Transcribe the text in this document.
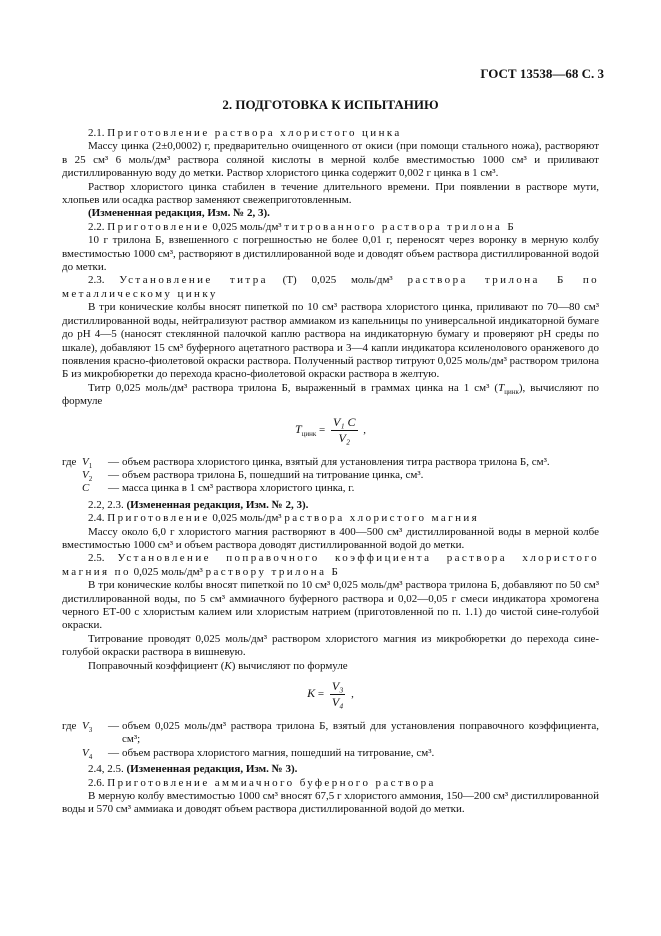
ГОСТ 13538—68 С. 3
2. ПОДГОТОВКА К ИСПЫТАНИЮ

2.1. Приготовление раствора хлористого цинка

Массу цинка (2±0,0002) г, предварительно очищенного от окиси (при помощи стального ножа), растворяют в 25 см³ 6 моль/дм³ раствора соляной кислоты в мерной колбе вместимостью 1000 см³ и приливают дистиллированную воду до метки. Раствор хлористого цинка содержит 0,002 г цинка в 1 см³.

Раствор хлористого цинка стабилен в течение длительного времени. При появлении в растворе мути, хлопьев или осадка раствор заменяют свежеприготовленным.

(Измененная редакция, Изм. № 2, 3).

2.2. Приготовление 0,025 моль/дм³ титрованного раствора трилона Б

10 г трилона Б, взвешенного с погрешностью не более 0,01 г, переносят через воронку в мерную колбу вместимостью 1000 см³, растворяют в дистиллированной воде и доводят объем раствора дистиллированной водой до метки.

2.3. Установление титра (Т) 0,025 моль/дм³ раствора трилона Б по металлическому цинку

В три конические колбы вносят пипеткой по 10 см³ раствора хлористого цинка, приливают по 70—80 см³ дистиллированной воды, нейтрализуют раствор аммиаком из капельницы по универсальной индикаторной бумаге до pH 4—5 (наносят стеклянной палочкой каплю раствора на индикаторную бумагу и проверяют pH среды по шкале), добавляют 15 см³ буферного ацетатного раствора и 3—4 капли индикатора ксиленолового оранжевого до появления красно-фиолетовой окраски раствора. Полученный раствор титруют 0,025 моль/дм³ раствором трилона Б из микробюретки до перехода красно-фиолетовой окраски раствора в желтую.

Титр 0,025 моль/дм³ раствора трилона Б, выраженный в граммах цинка на 1 см³ $(T_{цинк})$, вычисляют по формуле

$T_{цинк} = \frac{\text{V₁ C}}{\text{V₂}}$ ,

где $V_1$	— объем раствора хлористого цинка, взятый для установления титра раствора трилона Б, см³.
$V_2$	— объем раствора трилона Б, пошедший на титрование цинка, см³.
C	— масса цинка в 1 см³ раствора хлористого цинка, г.

2.2, 2.3. (Измененная редакция, Изм. № 2, 3).

2.4. Приготовление 0,025 моль/дм³ раствора хлористого магния

Массу около 6,0 г хлористого магния растворяют в 400—500 см³ дистиллированной воды в мерной колбе вместимостью 1000 см³ и объем раствора доводят дистиллированной водой до метки.

2.5. Установление поправочного коэффициента раствора хлористого магния по 0,025 моль/дм³ раствору трилона Б

В три конические колбы вносят пипеткой по 10 см³ 0,025 моль/дм³ раствора трилона Б, добавляют по 50 см³ дистиллированной воды, по 5 см³ аммиачного буферного раствора и 0,02—0,05 г смеси индикатора хромогена черного ЕТ-00 с хлористым калием или хлористым натрием (приготовленной по п. 1.1) до чистой сине-голубой окраски.

Титрование проводят 0,025 моль/дм³ раствором хлористого магния из микробюретки до перехода сине-голубой окраски раствора в вишневую.

Поправочный коэффициент (K) вычисляют по формуле

$K = \frac{\text{V₃}}{\text{V₄}}$ ,

где $V_3$	— объем 0,025 моль/дм³ раствора трилона Б, взятый для установления поправочного коэффициента, см³;
$V_4$	— объем раствора хлористого магния, пошедший на титрование, см³.

2.4, 2.5. (Измененная редакция, Изм. № 3).

2.6. Приготовление аммиачного буферного раствора

В мерную колбу вместимостью 1000 см³ вносят 67,5 г хлористого аммония, 150—200 см³ дистиллированной воды и 570 см³ аммиака и доводят объем раствора дистиллированной водой до метки.
